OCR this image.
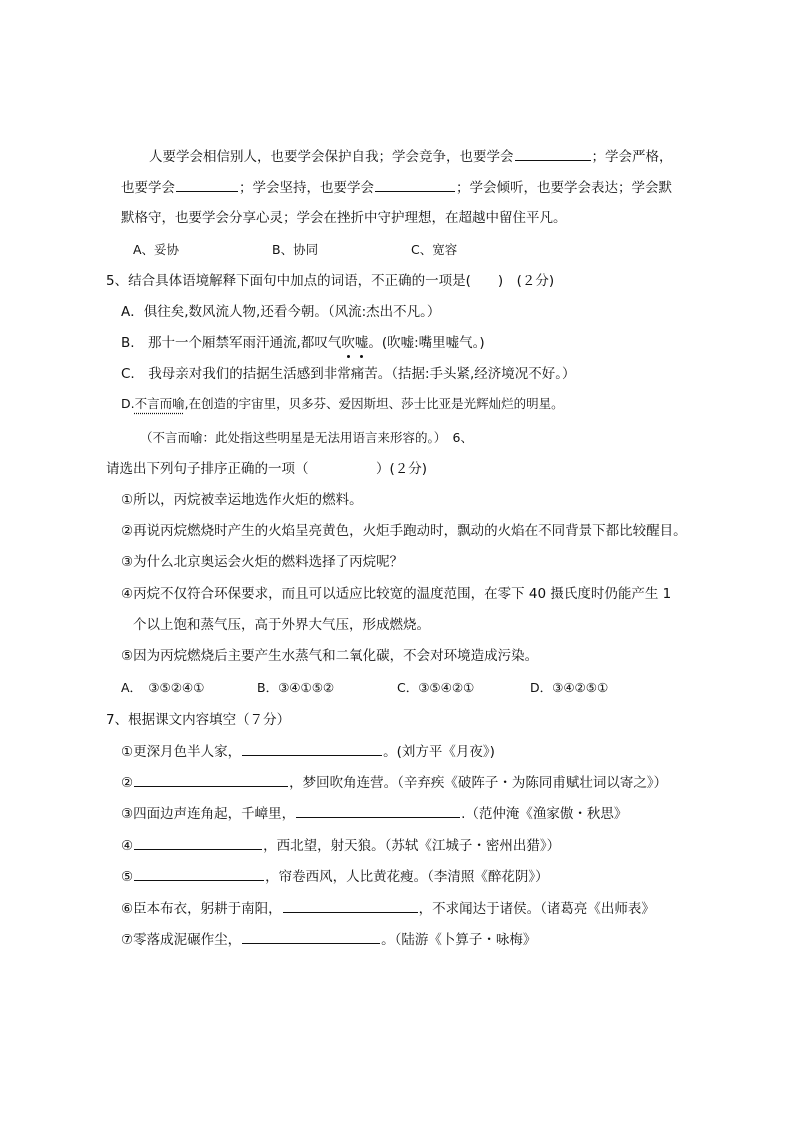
人要学会相信别人，也要学会保护自我；学会竞争，也要学会	；学会严格，
也要学会	；学会坚持，也要学会	；学会倾听，也要学会表达；学会默
默格守，也要学会分享心灵；学会在挫折中守护理想，在超越中留住平凡。
A、妥协	B、协同	C、宽容
5、结合具体语境解释下面句中加点的词语，不正确的一项是(　　)　(２分)
A．俱往矣,数风流人物,还看今朝。（风流:杰出不凡。）
B.　那十一个厢禁军雨汗通流,都叹气吹嘘。(吹嘘:嘴里嘘气。)
C.　我母亲对我们的拮据生活感到非常痛苦。（拮据:手头紧,经济境况不好。）
D.不言而喻,在创造的宇宙里，贝多芬、爱因斯坦、莎士比亚是光辉灿烂的明星。
（不言而喻：此处指这些明星是无法用语言来形容的。）　6、
请选出下列句子排序正确的一项（　　　　　）(２分)
①所以，丙烷被幸运地选作火炬的燃料。
②再说丙烷燃烧时产生的火焰呈亮黄色，火炬手跑动时，飘动的火焰在不同背景下都比较醒目。
③为什么北京奥运会火炬的燃料选择了丙烷呢？
④丙烷不仅符合环保要求，而且可以适应比较宽的温度范围，在零下 40 摄氏度时仍能产生 1
个以上饱和蒸气压，高于外界大气压，形成燃烧。
⑤因为丙烷燃烧后主要产生水蒸气和二氧化碳，不会对环境造成污染。
A．　③⑤②④①	B．③④①⑤②	C．③⑤④②①	D．③④②⑤①
7、根据课文内容填空（７分）
①更深月色半人家，	。(刘方平《月夜》)
②	，梦回吹角连营。（辛弃疾《破阵子・为陈同甫赋壮词以寄之》）
③四面边声连角起，千嶂里，	.（范仲淹《渔家傲・秋思》
④	，西北望，射天狼。（苏轼《江城子・密州出猎》）
⑤	，帘卷西风，人比黄花瘦。（李清照《醉花阴》）
⑥臣本布衣，躬耕于南阳，	，不求闻达于诸侯。（诸葛亮《出师表》
⑦零落成泥碾作尘，	。（陆游《卜算子・咏梅》
